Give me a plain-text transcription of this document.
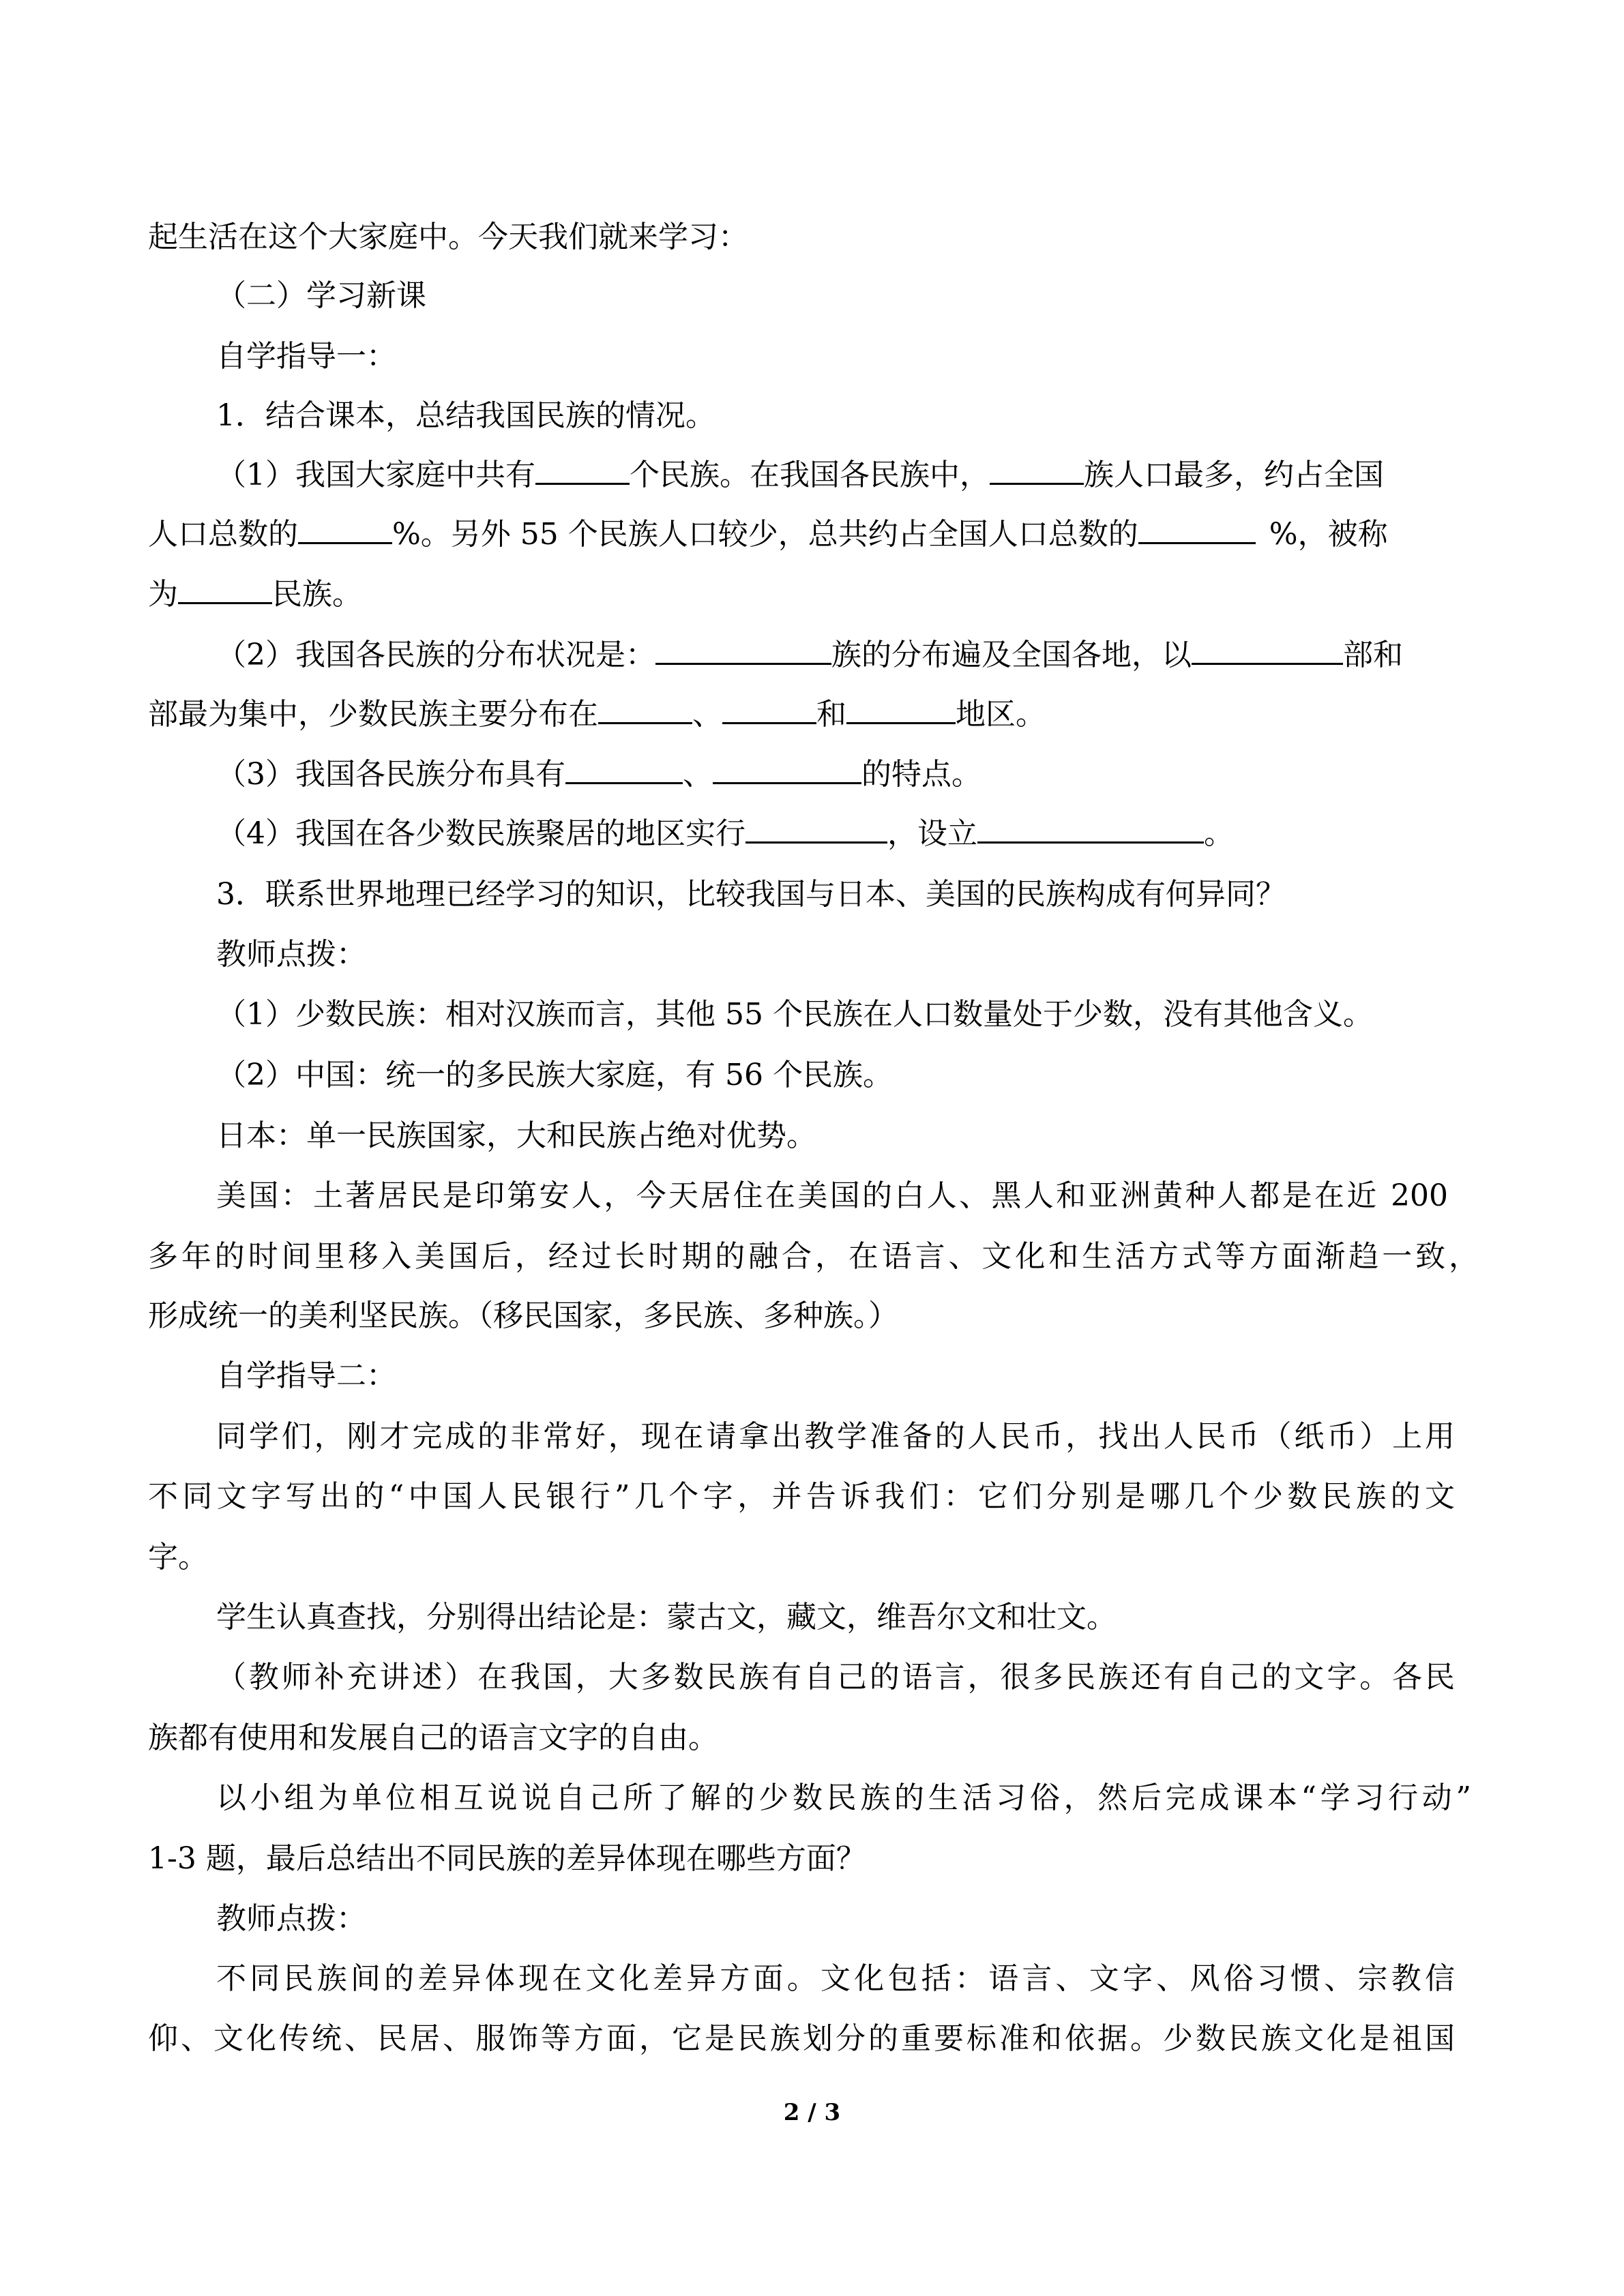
起生活在这个大家庭中。今天我们就来学习：
（二）学习新课
自学指导一：
1．结合课本，总结我国民族的情况。
（1）我国大家庭中共有	个民族。在我国各民族中，	族人口最多，约占全国
人口总数的	%。另外 55 个民族人口较少，总共约占全国人口总数的	%，被称
为	民族。
（2）我国各民族的分布状况是：	族的分布遍及全国各地，以	部和
部最为集中，少数民族主要分布在	、	和	地区。
（3）我国各民族分布具有	、	的特点。
（4）我国在各少数民族聚居的地区实行	，设立	。
3．联系世界地理已经学习的知识，比较我国与日本、美国的民族构成有何异同？
教师点拨：
（1）少数民族：相对汉族而言，其他 55 个民族在人口数量处于少数，没有其他含义。
（2）中国：统一的多民族大家庭，有 56 个民族。
日本：单一民族国家，大和民族占绝对优势。
美国：土著居民是印第安人，今天居住在美国的白人、黑人和亚洲黄种人都是在近 200
多年的时间里移入美国后，经过长时期的融合，在语言、文化和生活方式等方面渐趋一致，
形成统一的美利坚民族。（移民国家，多民族、多种族。）
自学指导二：
同学们，刚才完成的非常好，现在请拿出教学准备的人民币，找出人民币（纸币）上用
不同文字写出的“中国人民银行”几个字，并告诉我们：它们分别是哪几个少数民族的文
字。
学生认真查找，分别得出结论是：蒙古文，藏文，维吾尔文和壮文。
（教师补充讲述）在我国，大多数民族有自己的语言，很多民族还有自己的文字。各民
族都有使用和发展自己的语言文字的自由。
以小组为单位相互说说自己所了解的少数民族的生活习俗，然后完成课本“学习行动”
1-3 题，最后总结出不同民族的差异体现在哪些方面？
教师点拨：
不同民族间的差异体现在文化差异方面。文化包括：语言、文字、风俗习惯、宗教信
仰、文化传统、民居、服饰等方面，它是民族划分的重要标准和依据。少数民族文化是祖国
2 / 3
